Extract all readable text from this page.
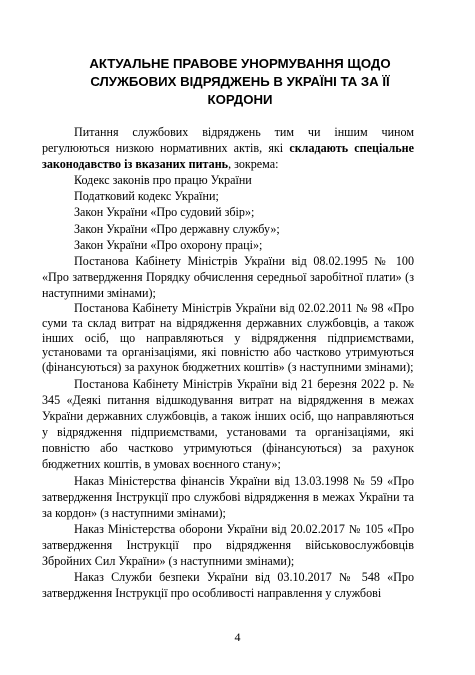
АКТУАЛЬНЕ ПРАВОВЕ УНОРМУВАННЯ ЩОДО СЛУЖБОВИХ ВІДРЯДЖЕНЬ В УКРАЇНІ ТА ЗА ЇЇ КОРДОНИ

Питання службових відряджень тим чи іншим чином регулюються низкою нормативних актів, які складають спеціальне законодавство із вказаних питань, зокрема:

Кодекс законів про працю України

Податковий кодекс України;

Закон України «Про судовий збір»;

Закон України «Про державну службу»;

Закон України «Про охорону праці»;

Постанова Кабінету Міністрів України від 08.02.1995 № 100 «Про затвердження Порядку обчислення середньої заробітної плати» (з наступними змінами);

Постанова Кабінету Міністрів України від 02.02.2011 № 98 «Про суми та склад витрат на відрядження державних службовців, а також інших осіб, що направляються у відрядження підприємствами, установами та організаціями, які повністю або частково утримуються (фінансуються) за рахунок бюджетних коштів» (з наступними змінами);

Постанова Кабінету Міністрів України від 21 березня 2022 р. № 345 «Деякі питання відшкодування витрат на відрядження в межах України державних службовців, а також інших осіб, що направляються у відрядження підприємствами, установами та організаціями, які повністю або частково утримуються (фінансуються) за рахунок бюджетних коштів, в умовах воєнного стану»;

Наказ Міністерства фінансів України від 13.03.1998 № 59 «Про затвердження Інструкції про службові відрядження в межах України та за кордон» (з наступними змінами);

Наказ Міністерства оборони України від 20.02.2017 № 105 «Про затвердження Інструкції про відрядження військовослужбовців Збройних Сил України» (з наступними змінами);

Наказ Служби безпеки України від 03.10.2017 № 548 «Про затвердження Інструкції про особливості направлення у службові

4
